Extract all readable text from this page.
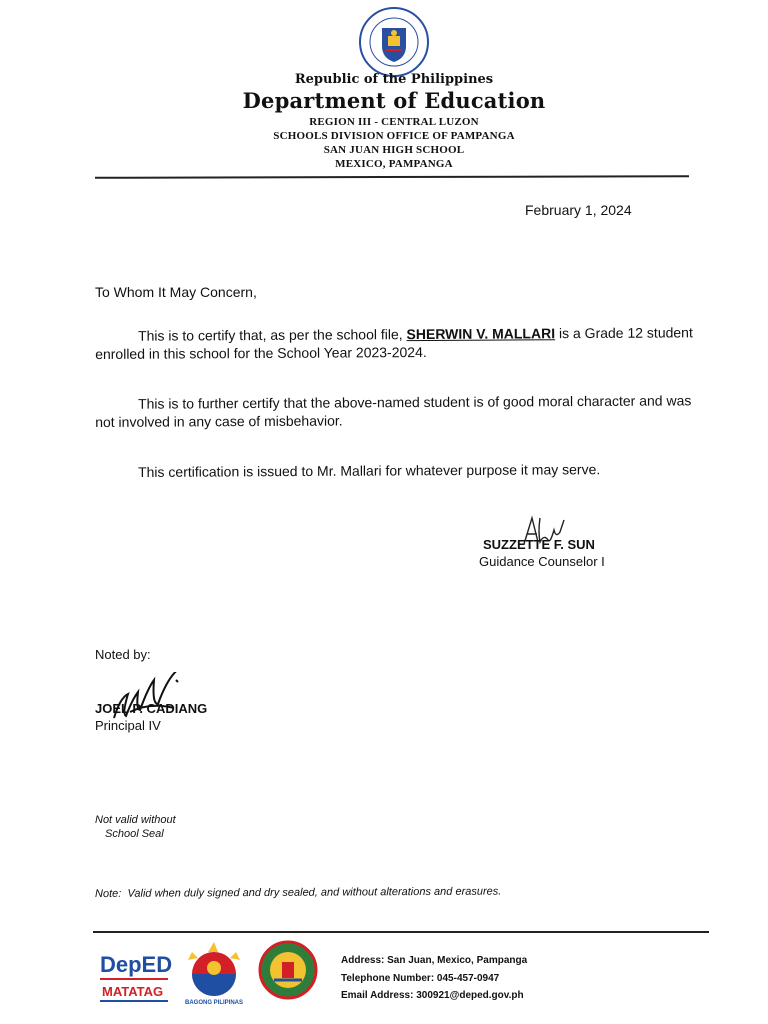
Republic of the Philippines
Department of Education
REGION III - CENTRAL LUZON
SCHOOLS DIVISION OFFICE OF PAMPANGA
SAN JUAN HIGH SCHOOL
MEXICO, PAMPANGA
February 1, 2024
To Whom It May Concern,
This is to certify that, as per the school file, SHERWIN V. MALLARI is a Grade 12 student enrolled in this school for the School Year 2023-2024.
This is to further certify that the above-named student is of good moral character and was not involved in any case of misbehavior.
This certification is issued to Mr. Mallari for whatever purpose it may serve.
SUZZETTE F. SUN
Guidance Counselor I
Noted by:
JOEL P. CADIANG
Principal IV
Not valid without
School Seal
Note: Valid when duly signed and dry sealed, and without alterations and erasures.
DepED
MATATAG
BAGONG PILIPINAS
Address: San Juan, Mexico, Pampanga
Telephone Number: 045-457-0947
Email Address: 300921@deped.gov.ph
